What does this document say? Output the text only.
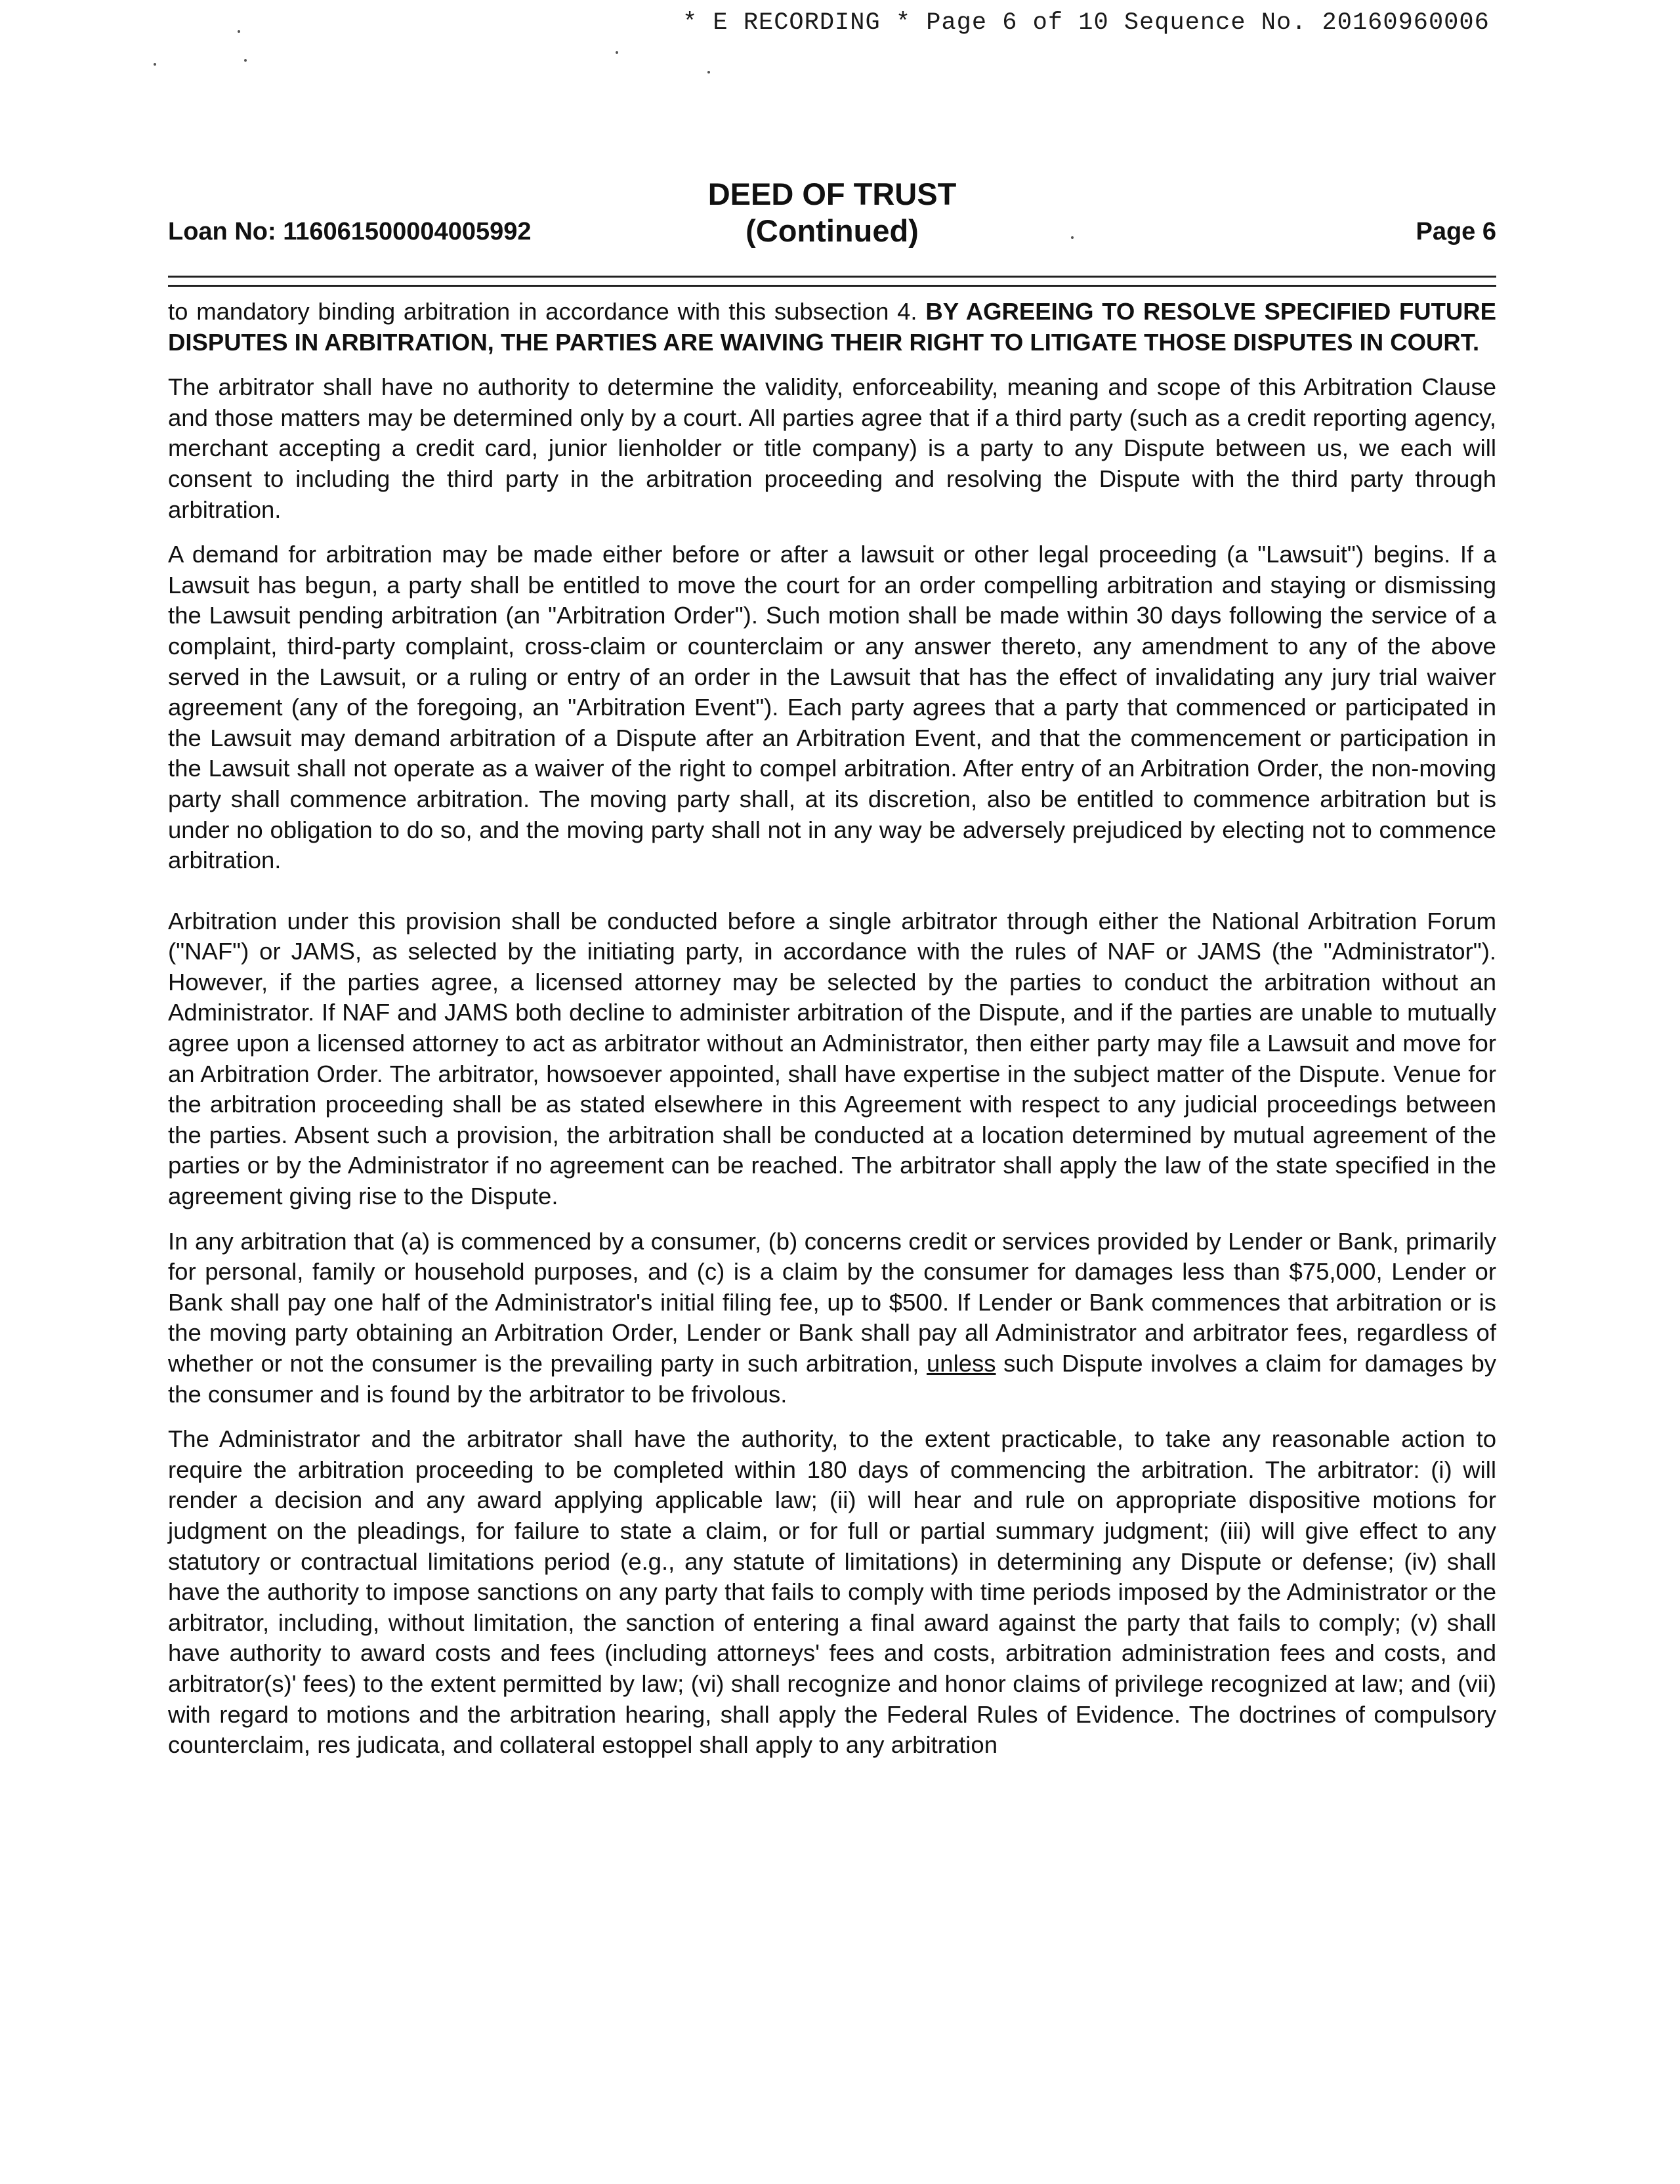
* E RECORDING * Page 6 of 10 Sequence No. 20160960006
DEED OF TRUST
(Continued)
Loan No: 116061500004005992	Page 6

to mandatory binding arbitration in accordance with this subsection 4. BY AGREEING TO RESOLVE SPECIFIED FUTURE DISPUTES IN ARBITRATION, THE PARTIES ARE WAIVING THEIR RIGHT TO LITIGATE THOSE DISPUTES IN COURT.

The arbitrator shall have no authority to determine the validity, enforceability, meaning and scope of this Arbitration Clause and those matters may be determined only by a court. All parties agree that if a third party (such as a credit reporting agency, merchant accepting a credit card, junior lienholder or title company) is a party to any Dispute between us, we each will consent to including the third party in the arbitration proceeding and resolving the Dispute with the third party through arbitration.

A demand for arbitration may be made either before or after a lawsuit or other legal proceeding (a "Lawsuit") begins. If a Lawsuit has begun, a party shall be entitled to move the court for an order compelling arbitration and staying or dismissing the Lawsuit pending arbitration (an "Arbitration Order"). Such motion shall be made within 30 days following the service of a complaint, third-party complaint, cross-claim or counterclaim or any answer thereto, any amendment to any of the above served in the Lawsuit, or a ruling or entry of an order in the Lawsuit that has the effect of invalidating any jury trial waiver agreement (any of the foregoing, an "Arbitration Event"). Each party agrees that a party that commenced or participated in the Lawsuit may demand arbitration of a Dispute after an Arbitration Event, and that the commencement or participation in the Lawsuit shall not operate as a waiver of the right to compel arbitration. After entry of an Arbitration Order, the non-moving party shall commence arbitration. The moving party shall, at its discretion, also be entitled to commence arbitration but is under no obligation to do so, and the moving party shall not in any way be adversely prejudiced by electing not to commence arbitration.

Arbitration under this provision shall be conducted before a single arbitrator through either the National Arbitration Forum ("NAF") or JAMS, as selected by the initiating party, in accordance with the rules of NAF or JAMS (the "Administrator"). However, if the parties agree, a licensed attorney may be selected by the parties to conduct the arbitration without an Administrator. If NAF and JAMS both decline to administer arbitration of the Dispute, and if the parties are unable to mutually agree upon a licensed attorney to act as arbitrator without an Administrator, then either party may file a Lawsuit and move for an Arbitration Order. The arbitrator, howsoever appointed, shall have expertise in the subject matter of the Dispute. Venue for the arbitration proceeding shall be as stated elsewhere in this Agreement with respect to any judicial proceedings between the parties. Absent such a provision, the arbitration shall be conducted at a location determined by mutual agreement of the parties or by the Administrator if no agreement can be reached. The arbitrator shall apply the law of the state specified in the agreement giving rise to the Dispute.

In any arbitration that (a) is commenced by a consumer, (b) concerns credit or services provided by Lender or Bank, primarily for personal, family or household purposes, and (c) is a claim by the consumer for damages less than $75,000, Lender or Bank shall pay one half of the Administrator's initial filing fee, up to $500. If Lender or Bank commences that arbitration or is the moving party obtaining an Arbitration Order, Lender or Bank shall pay all Administrator and arbitrator fees, regardless of whether or not the consumer is the prevailing party in such arbitration, unless such Dispute involves a claim for damages by the consumer and is found by the arbitrator to be frivolous.

The Administrator and the arbitrator shall have the authority, to the extent practicable, to take any reasonable action to require the arbitration proceeding to be completed within 180 days of commencing the arbitration. The arbitrator: (i) will render a decision and any award applying applicable law; (ii) will hear and rule on appropriate dispositive motions for judgment on the pleadings, for failure to state a claim, or for full or partial summary judgment; (iii) will give effect to any statutory or contractual limitations period (e.g., any statute of limitations) in determining any Dispute or defense; (iv) shall have the authority to impose sanctions on any party that fails to comply with time periods imposed by the Administrator or the arbitrator, including, without limitation, the sanction of entering a final award against the party that fails to comply; (v) shall have authority to award costs and fees (including attorneys' fees and costs, arbitration administration fees and costs, and arbitrator(s)' fees) to the extent permitted by law; (vi) shall recognize and honor claims of privilege recognized at law; and (vii) with regard to motions and the arbitration hearing, shall apply the Federal Rules of Evidence. The doctrines of compulsory counterclaim, res judicata, and collateral estoppel shall apply to any arbitration
